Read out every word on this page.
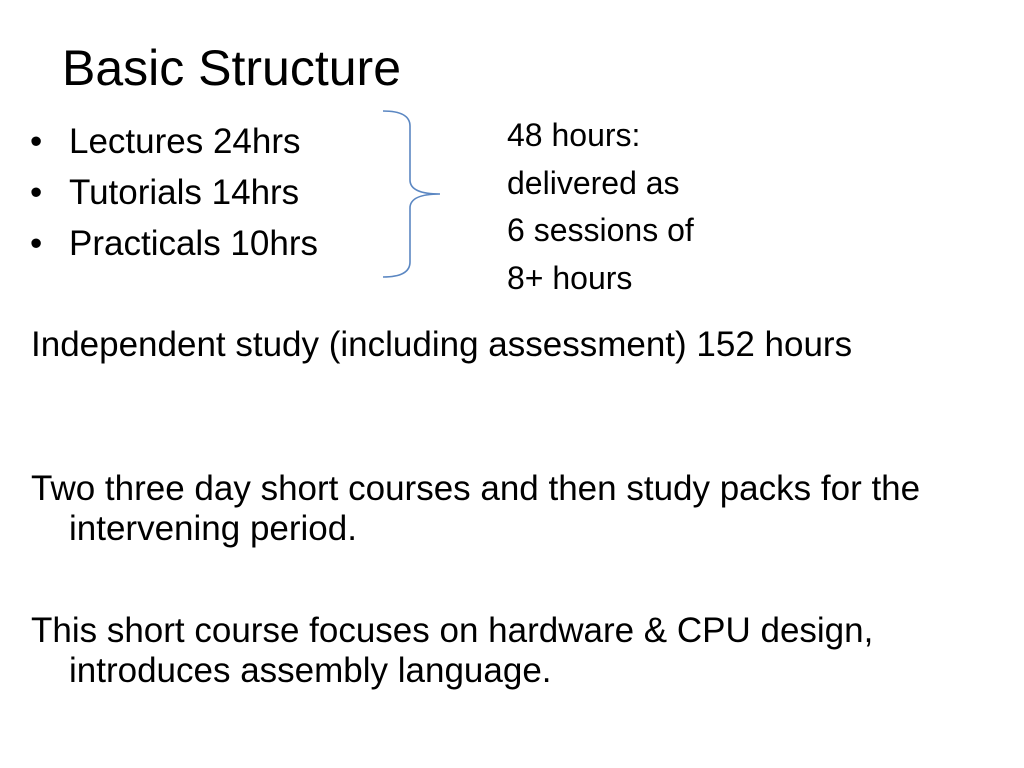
Basic Structure
• Lectures 24hrs
• Tutorials 14hrs
• Practicals 10hrs
48 hours:
delivered as
6 sessions of
8+ hours
Independent study (including assessment) 152 hours
Two three day short courses and then study packs for the intervening period.
This short course focuses on hardware & CPU design, introduces assembly language.
